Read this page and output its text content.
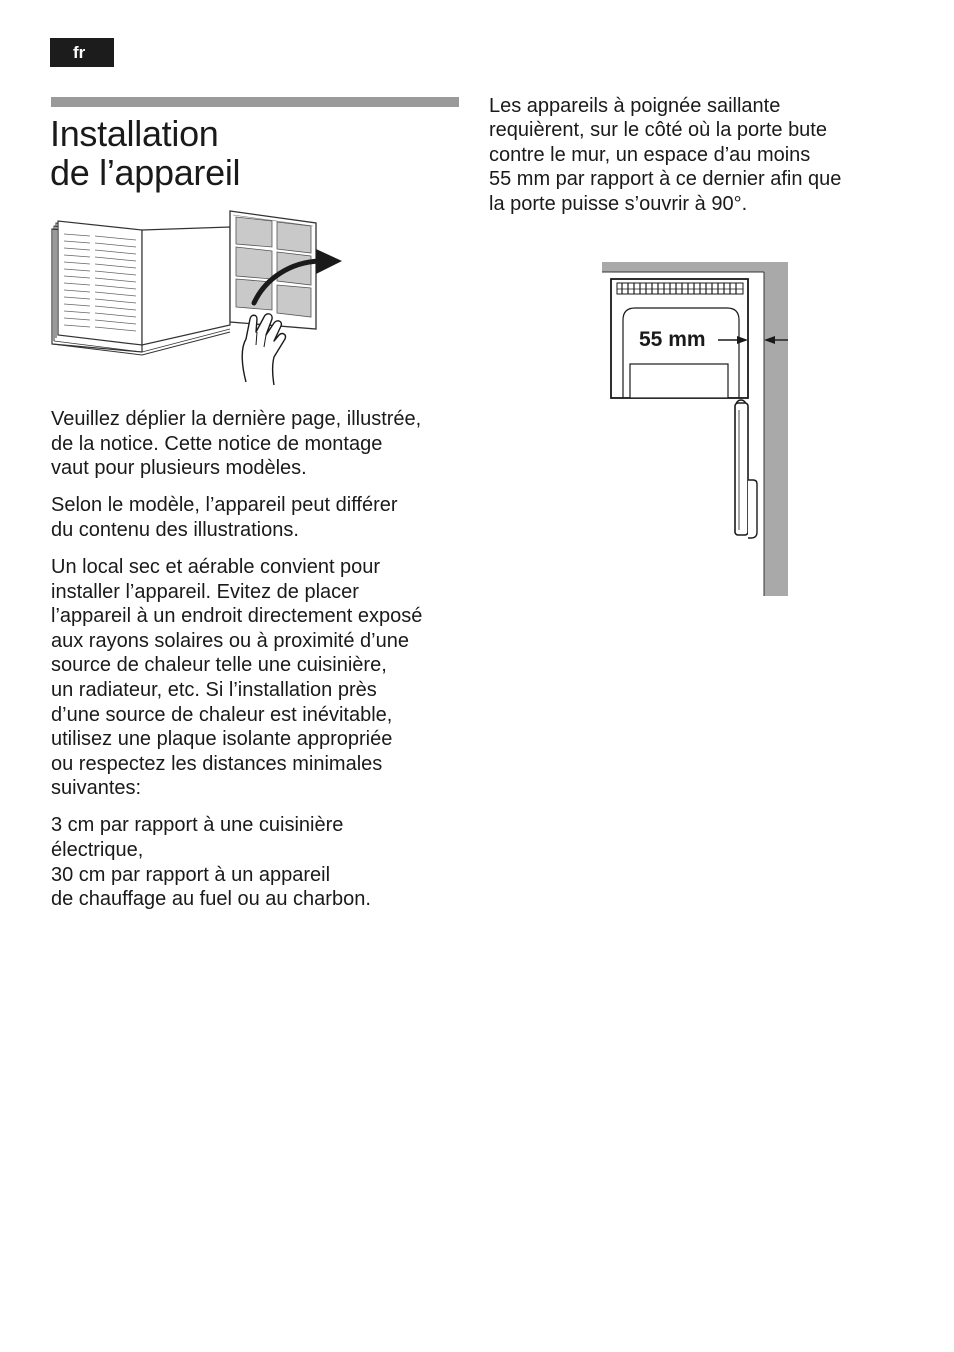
fr
Installation
de l’appareil

Veuillez déplier la dernière page, illustrée,
de la notice. Cette notice de montage
vaut pour plusieurs modèles.

Selon le modèle, l’appareil peut différer
du contenu des illustrations.

Un local sec et aérable convient pour
installer l’appareil. Evitez de placer
l’appareil à un endroit directement exposé
aux rayons solaires ou à proximité d’une
source de chaleur telle une cuisinière,
un radiateur, etc. Si l’installation près
d’une source de chaleur est inévitable,
utilisez une plaque isolante appropriée
ou respectez les distances minimales
suivantes:

3 cm par rapport à une cuisinière
électrique,
30 cm par rapport à un appareil
de chauffage au fuel ou au charbon.

Les appareils à poignée saillante
requièrent, sur le côté où la porte bute
contre le mur, un espace d’au moins
55 mm par rapport à ce dernier afin que
la porte puisse s’ouvrir à 90°.

55 mm
